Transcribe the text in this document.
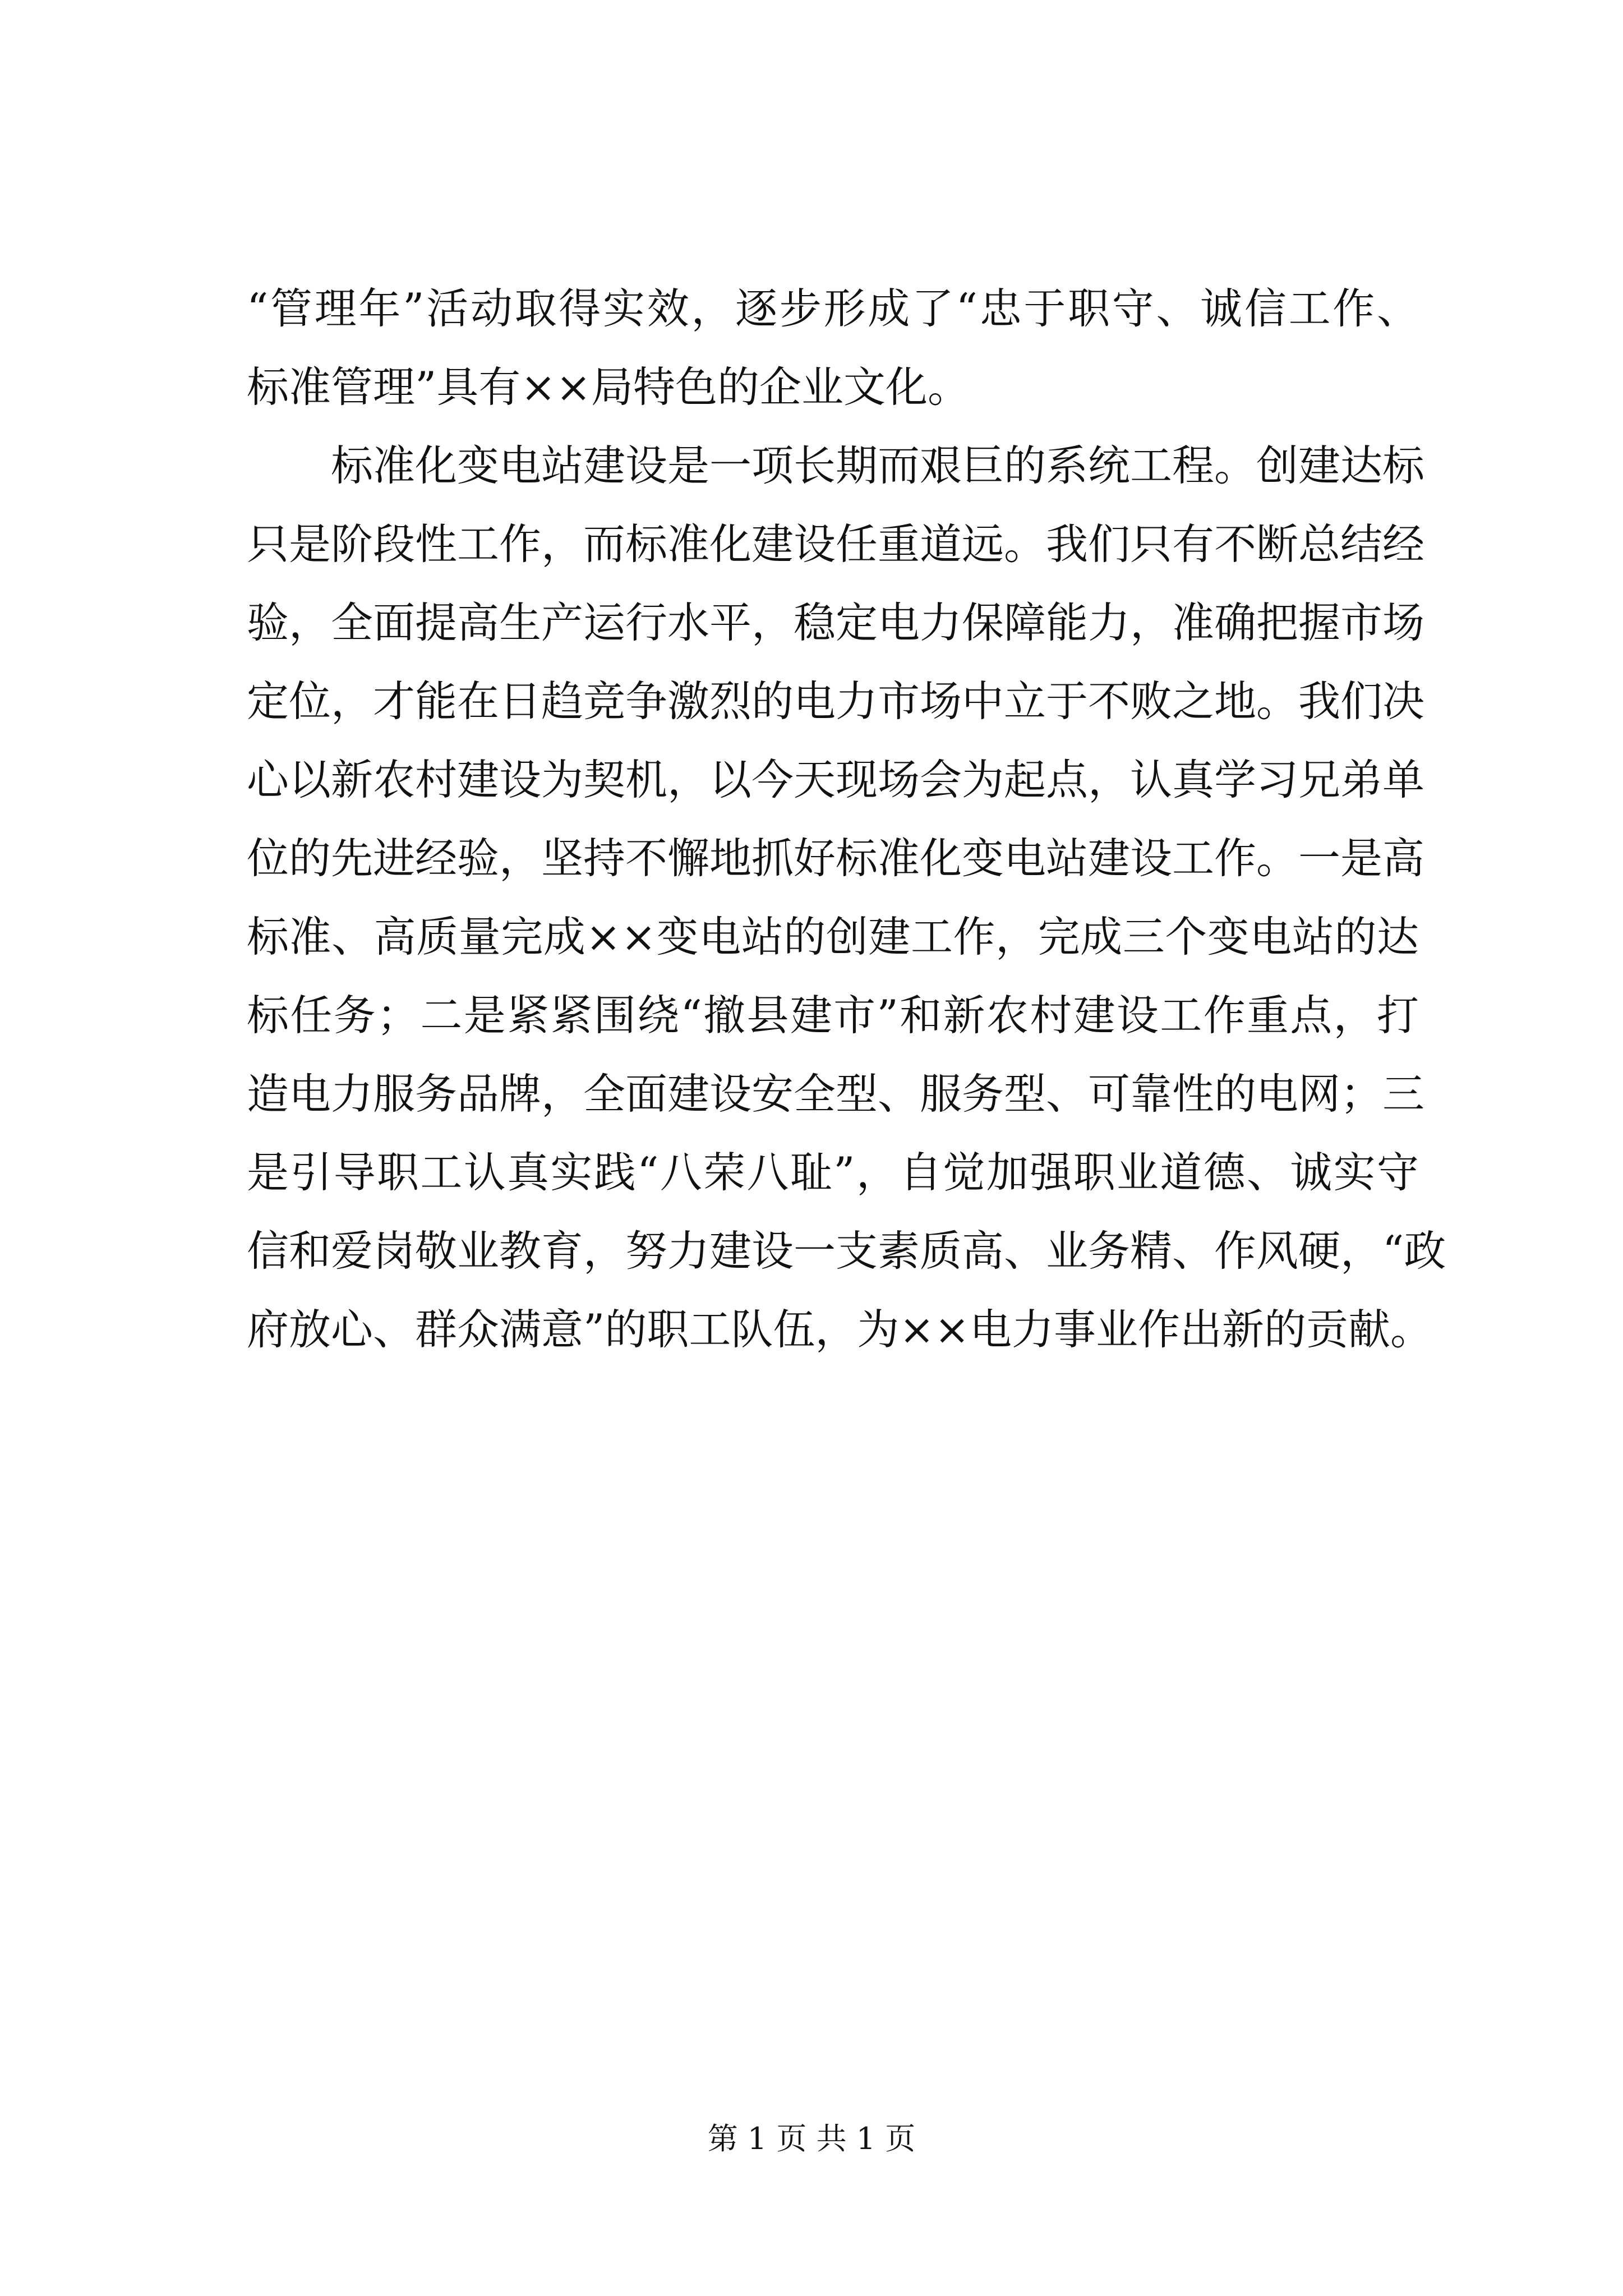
“管理年”活动取得实效，逐步形成了“忠于职守、诚信工作、
标准管理”具有××局特色的企业文化。
标准化变电站建设是一项长期而艰巨的系统工程。创建达标
只是阶段性工作，而标准化建设任重道远。我们只有不断总结经
验，全面提高生产运行水平，稳定电力保障能力，准确把握市场
定位，才能在日趋竞争激烈的电力市场中立于不败之地。我们决
心以新农村建设为契机，以今天现场会为起点，认真学习兄弟单
位的先进经验，坚持不懈地抓好标准化变电站建设工作。一是高
标准、高质量完成××变电站的创建工作，完成三个变电站的达
标任务；二是紧紧围绕“撤县建市”和新农村建设工作重点，打
造电力服务品牌，全面建设安全型、服务型、可靠性的电网；三
是引导职工认真实践“八荣八耻”，自觉加强职业道德、诚实守
信和爱岗敬业教育，努力建设一支素质高、业务精、作风硬，“政
府放心、群众满意”的职工队伍，为××电力事业作出新的贡献。
第 1 页 共 1 页
